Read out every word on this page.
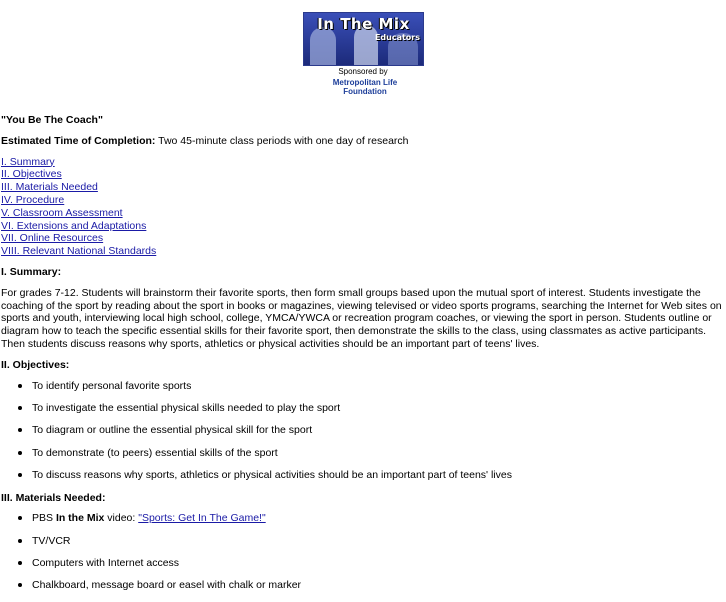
In The Mix
Educators
Sponsored by
Metropolitan Life
Foundation

"You Be The Coach"

Estimated Time of Completion: Two 45-minute class periods with one day of research

I. Summary
II. Objectives
III. Materials Needed
IV. Procedure
V. Classroom Assessment
VI. Extensions and Adaptations
VII. Online Resources
VIII. Relevant National Standards

I. Summary:

For grades 7-12. Students will brainstorm their favorite sports, then form small groups based upon the mutual sport of interest. Students investigate the coaching of the sport by reading about the sport in books or magazines, viewing televised or video sports programs, searching the Internet for Web sites on sports and youth, interviewing local high school, college, YMCA/YWCA or recreation program coaches, or viewing the sport in person. Students outline or diagram how to teach the specific essential skills for their favorite sport, then demonstrate the skills to the class, using classmates as active participants. Then students discuss reasons why sports, athletics or physical activities should be an important part of teens' lives.

II. Objectives:

To identify personal favorite sports
To investigate the essential physical skills needed to play the sport
To diagram or outline the essential physical skill for the sport
To demonstrate (to peers) essential skills of the sport
To discuss reasons why sports, athletics or physical activities should be an important part of teens' lives

III. Materials Needed:

PBS In the Mix video: "Sports: Get In The Game!"
TV/VCR
Computers with Internet access
Chalkboard, message board or easel with chalk or marker
